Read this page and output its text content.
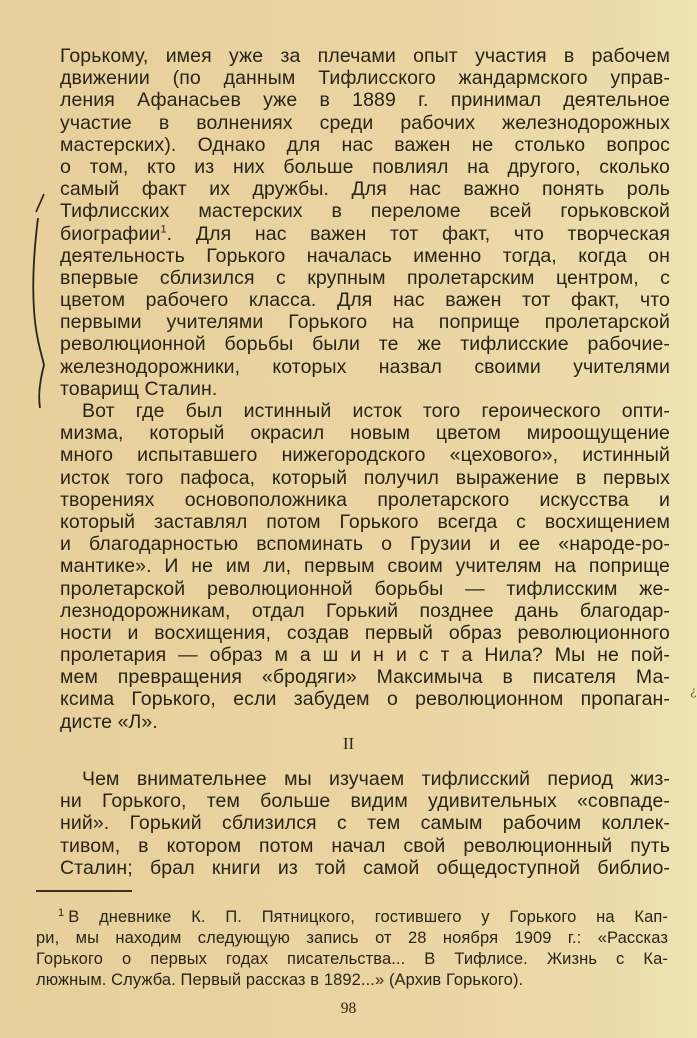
Горькому, имея уже за плечами опыт участия в рабочем
движении (по данным Тифлисского жандармского управ-
ления Афанасьев уже в 1889 г. принимал деятельное
участие в волнениях среди рабочих железнодорожных
мастерских). Однако для нас важен не столько вопрос
о том, кто из них больше повлиял на другого, сколько
самый факт их дружбы. Для нас важно понять роль
Тифлисских мастерских в переломе всей горьковской
биографии$^1$. Для нас важен тот факт, что творческая
деятельность Горького началась именно тогда, когда он
впервые сблизился с крупным пролетарским центром, с
цветом рабочего класса. Для нас важен тот факт, что
первыми учителями Горького на поприще пролетарской
революционной борьбы были те же тифлисские рабочие-
железнодорожники, которых назвал своими учителями
товарищ Сталин.
Вот где был истинный исток того героического опти-
мизма, который окрасил новым цветом мироощущение
много испытавшего нижегородского «цехового», истинный
исток того пафоса, который получил выражение в первых
творениях основоположника пролетарского искусства и
который заставлял потом Горького всегда с восхищением
и благодарностью вспоминать о Грузии и ее «народе-ро-
мантике». И не им ли, первым своим учителям на поприще
пролетарской революционной борьбы — тифлисским же-
лезнодорожникам, отдал Горький позднее дань благодар-
ности и восхищения, создав первый образ революционного
пролетария — образ м а ш и н и с т а Нила? Мы не пой-
мем превращения «бродяги» Максимыча в писателя Ма-
ксима Горького, если забудем о революционном пропаган-
дисте «Л».
¿
II
Чем внимательнее мы изучаем тифлисский период жиз-
ни Горького, тем больше видим удивительных «совпаде-
ний». Горький сблизился с тем самым рабочим коллек-
тивом, в котором потом начал свой революционный путь
Сталин; брал книги из той самой общедоступной библио-
$^1$ В дневнике К. П. Пятницкого, гостившего у Горького на Кап-
ри, мы находим следующую запись от 28 ноября 1909 г.: «Рассказ
Горького о первых годах писательства... В Тифлисе. Жизнь с Ка-
люжным. Служба. Первый рассказ в 1892...» (Архив Горького).
98
